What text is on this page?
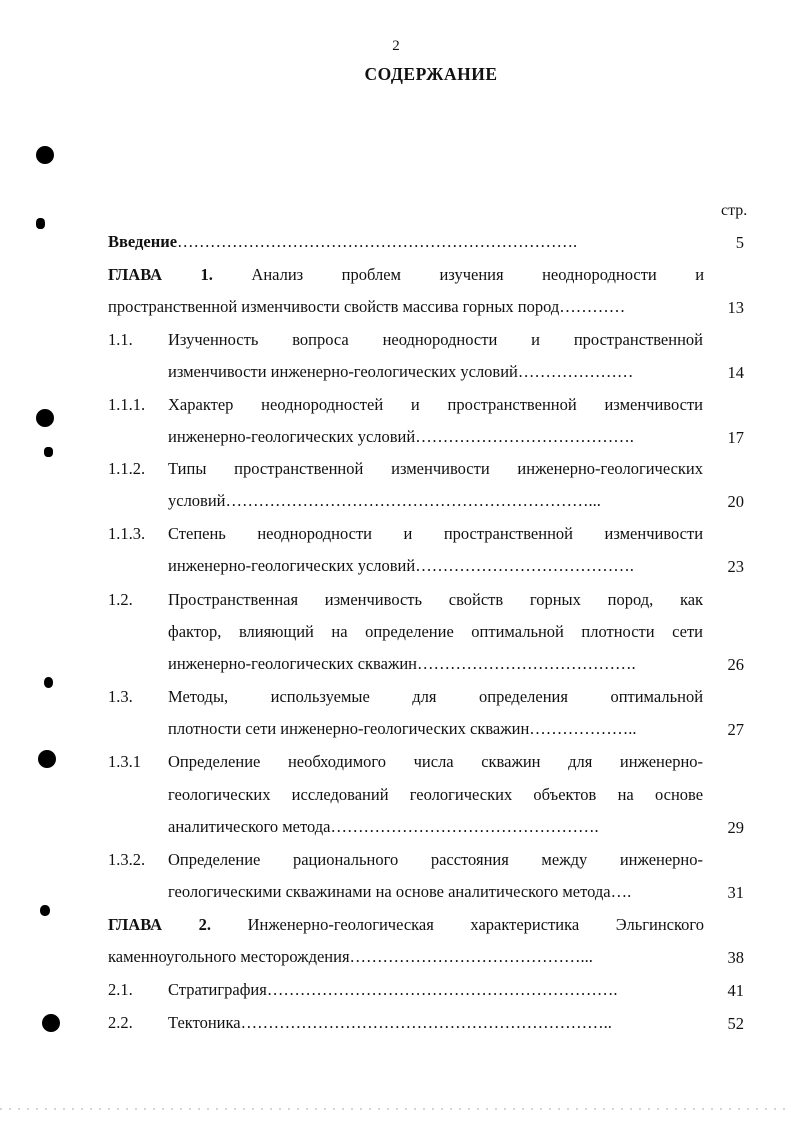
2
СОДЕРЖАНИЕ
стр.
Введение……………………………………………………………….	5
ГЛАВА 1. Анализ проблем изучения неоднородности и
пространственной изменчивости свойств массива горных пород…………	13
1.1. Изученность вопроса неоднородности и пространственной
изменчивости инженерно-геологических условий…………………	14
1.1.1. Характер неоднородностей и пространственной изменчивости
инженерно-геологических условий………………………………….	17
1.1.2. Типы пространственной изменчивости инженерно-геологических
условий…………………………………………………………...	20
1.1.3. Степень неоднородности и пространственной изменчивости
инженерно-геологических условий………………………………….	23
1.2. Пространственная изменчивость свойств горных пород, как
фактор, влияющий на определение оптимальной плотности сети
инженерно-геологических скважин………………………………….	26
1.3. Методы,	используемые для	определения	оптимальной
плотности сети инженерно-геологических скважин………………..	27
1.3.1 Определение необходимого числа скважин для инженерно-
геологических исследований геологических объектов на основе
аналитического метода………………………………………….	29
1.3.2. Определение рационального расстояния между инженерно-
геологическими скважинами на основе аналитического метода….	31
ГЛАВА 2. Инженерно-геологическая характеристика Эльгинского
каменноугольного месторождения……………………………………...	38
2.1. Стратиграфия……………………………………………………….	41
2.2. Тектоника…………………………………………………………..	52
